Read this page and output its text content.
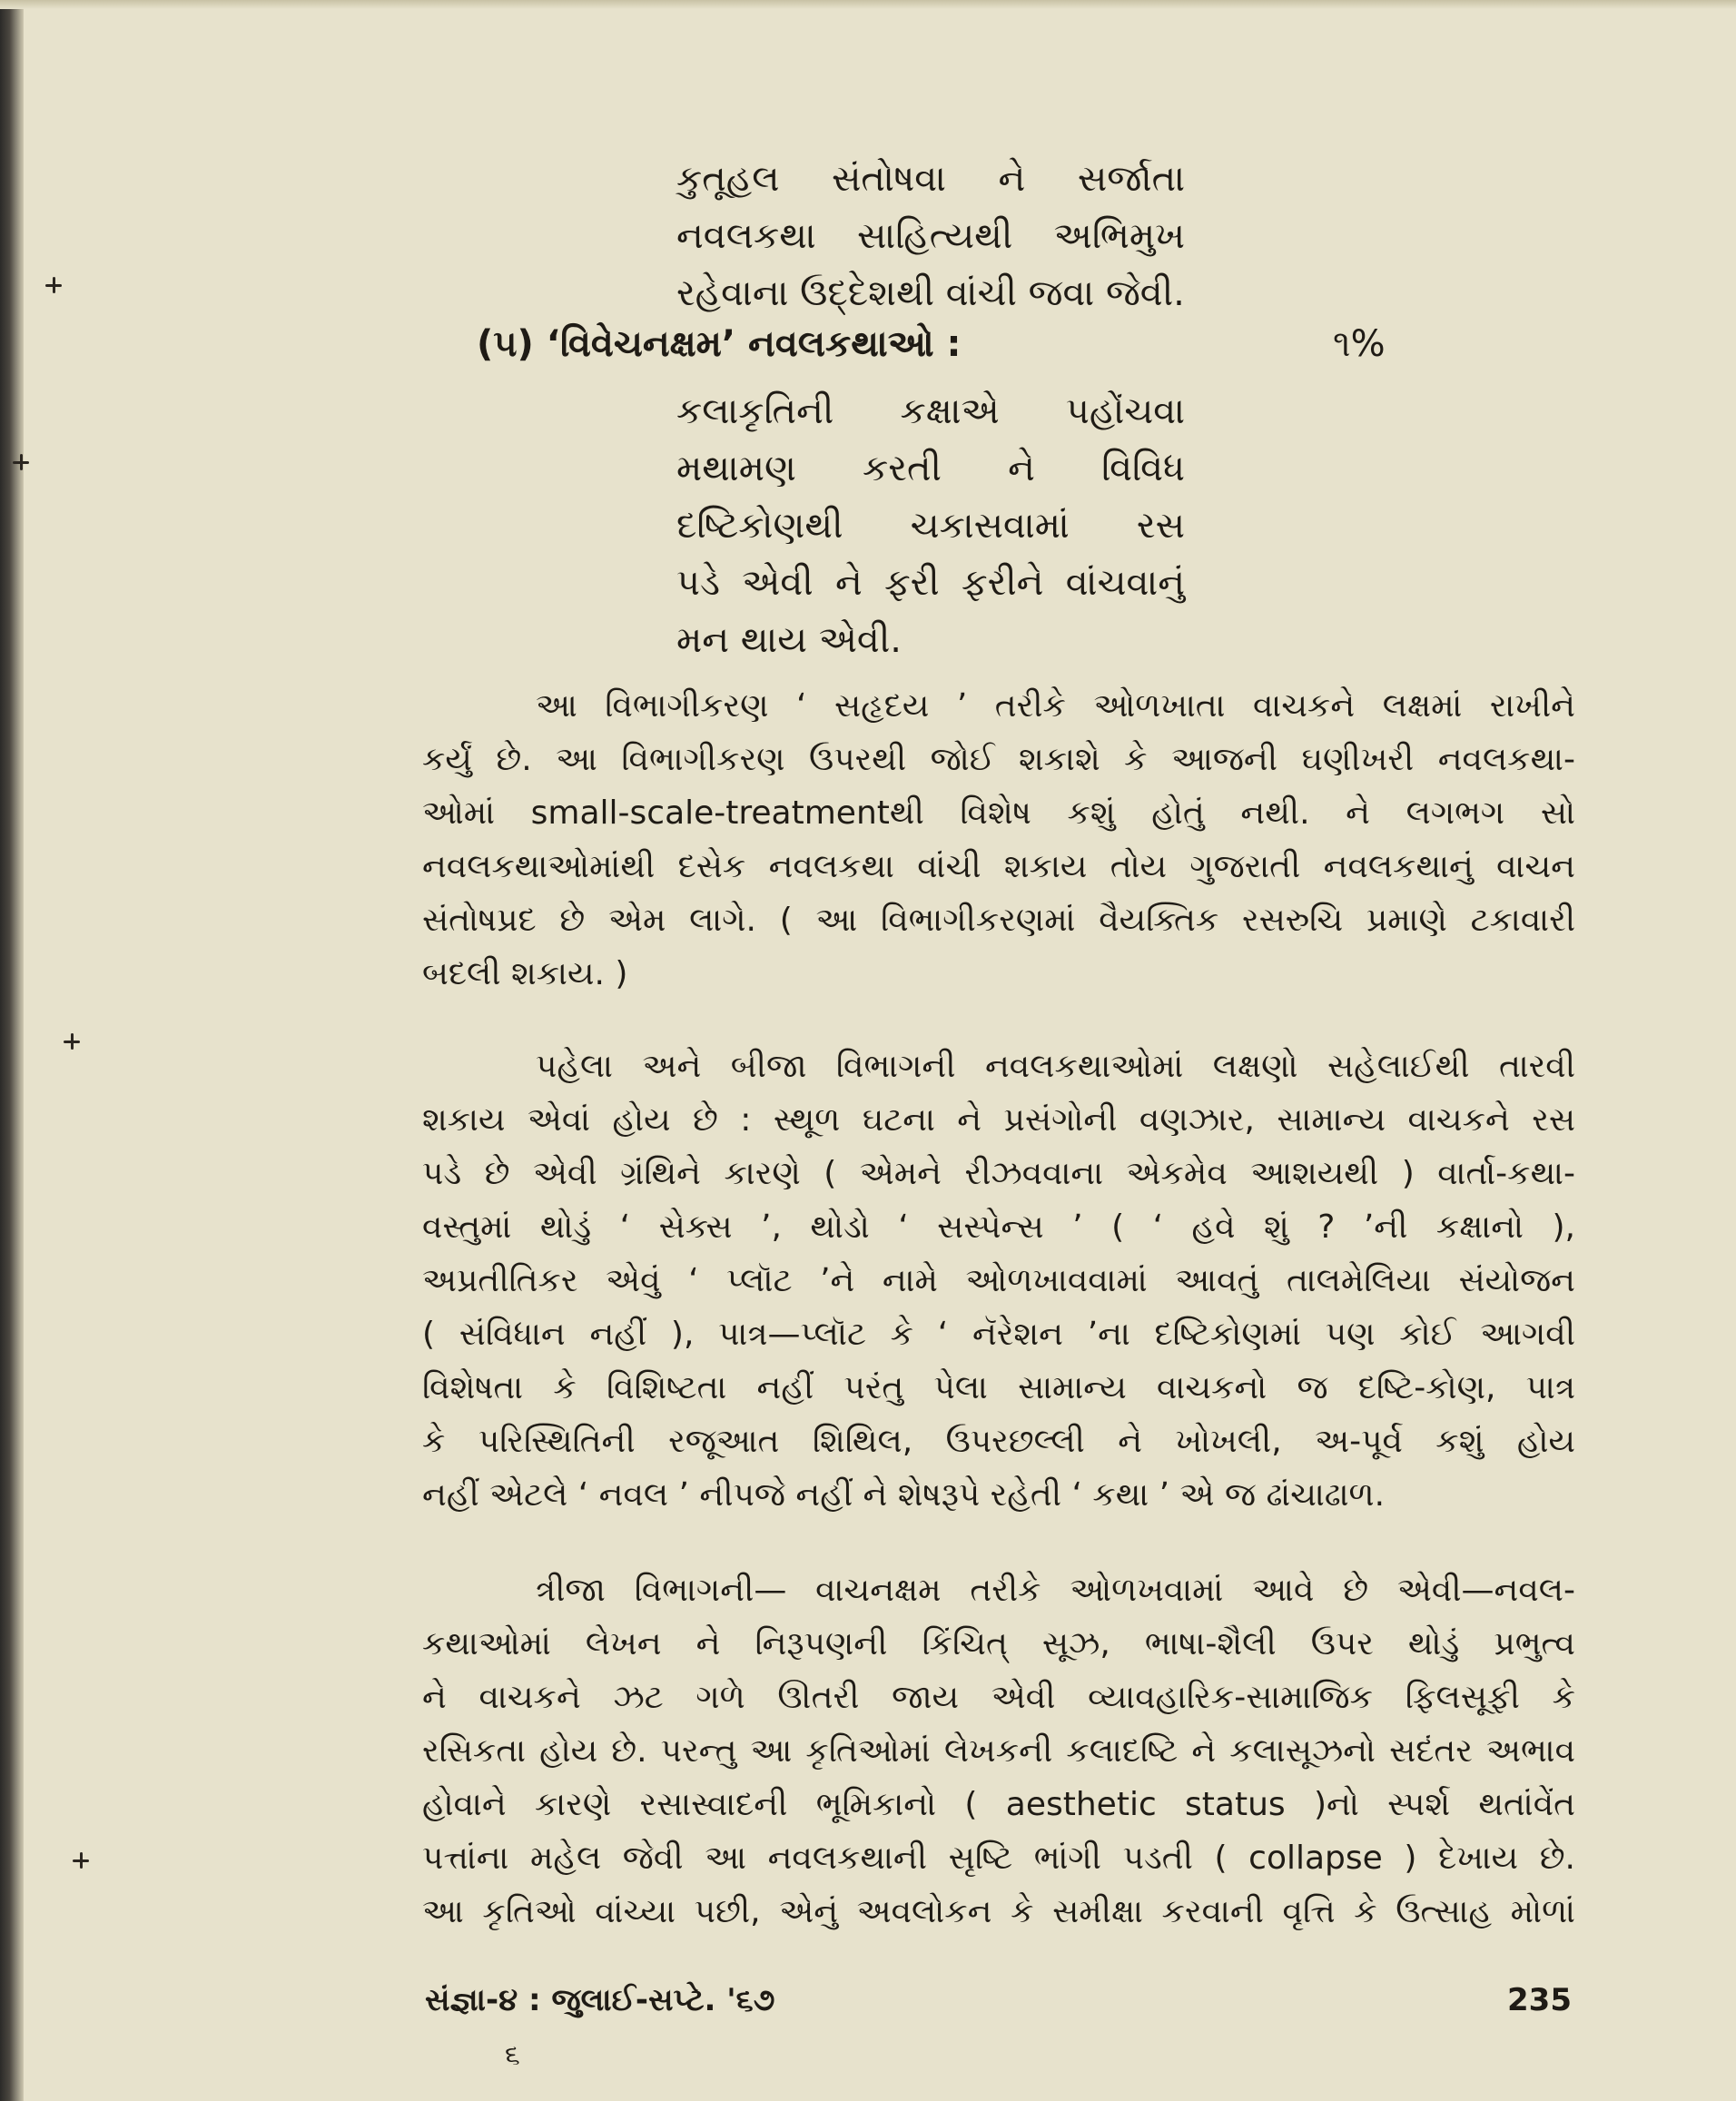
કુતૂહલ સંતોષવા ને સર્જાતા
નવલકથા સાહિત્યથી અભિમુખ
રહેવાના ઉદ્દેશથી વાંચી જવા જેવી.
(૫) ‘વિવેચનક્ષમ’ નવલકથાઓ :	૧%
કલાકૃતિની કક્ષાએ પહોંચવા
મથામણ કરતી ને વિવિધ
દષ્ટિકોણથી ચકાસવામાં રસ
પડે એવી ને ફરી ફરીને વાંચવાનું
મન થાય એવી.
આ વિભાગીકરણ ‘ સહૃદય ’ તરીકે ઓળખાતા વાચકને લક્ષમાં રાખીને
કર્યું છે. આ વિભાગીકરણ ઉપરથી જોઈ શકાશે કે આજની ઘણીખરી નવલકથા-
ઓમાં small-scale-treatmentથી વિશેષ કશું હોતું નથી. ને લગભગ સો
નવલકથાઓમાંથી દસેક નવલકથા વાંચી શકાય તોય ગુજરાતી નવલકથાનું વાચન
સંતોષપ્રદ છે એમ લાગે. ( આ વિભાગીકરણમાં વૈયક્તિક રસરુચિ પ્રમાણે ટકાવારી
બદલી શકાય. )
પહેલા અને બીજા વિભાગની નવલકથાઓમાં લક્ષણો સહેલાઈથી તારવી
શકાય એવાં હોય છે : સ્થૂળ ઘટના ને પ્રસંગોની વણઝાર, સામાન્ય વાચકને રસ
પડે છે એવી ગ્રંથિને કારણે ( એમને રીઝવવાના એકમેવ આશયથી ) વાર્તા-કથા-
વસ્તુમાં થોડું ‘ સેક્સ ’, થોડો ‘ સસ્પેન્સ ’ ( ‘ હવે શું ? ’ની કક્ષાનો ),
અપ્રતીતિકર એવું ‘ પ્લૉટ ’ને નામે ઓળખાવવામાં આવતું તાલમેલિયા સંયોજન
( સંવિધાન નહીં ), પાત્ર—પ્લૉટ કે ‘ નૅરેશન ’ના દષ્ટિકોણમાં પણ કોઈ આગવી
વિશેષતા કે વિશિષ્ટતા નહીં પરંતુ પેલા સામાન્ય વાચકનો જ દષ્ટિ-કોણ, પાત્ર
કે પરિસ્થિતિની રજૂઆત શિથિલ, ઉપરછલ્લી ને ખોખલી, અ-પૂર્વ કશું હોય
નહીં એટલે ‘ નવલ ’ નીપજે નહીં ને શેષરૂપે રહેતી ‘ કથા ’ એ જ ઢાંચાઢાળ.
ત્રીજા વિભાગની— વાચનક્ષમ તરીકે ઓળખવામાં આવે છે એવી—નવલ-
કથાઓમાં લેખન ને નિરૂપણની કિંચિત્ સૂઝ, ભાષા-શૈલી ઉપર થોડું પ્રભુત્વ
ને વાચકને ઝટ ગળે ઊતરી જાય એવી વ્યાવહારિક-સામાજિક ફિલસૂફી કે
રસિકતા હોય છે. પરન્તુ આ કૃતિઓમાં લેખકની કલાદષ્ટિ ને કલાસૂઝનો સદંતર અભાવ
હોવાને કારણે રસાસ્વાદની ભૂમિકાનો ( aesthetic status )નો સ્પર્શ થતાંવેંત
પત્તાંના મહેલ જેવી આ નવલકથાની સૃષ્ટિ ભાંગી પડતી ( collapse ) દેખાય છે.
આ કૃતિઓ વાંચ્યા પછી, એનું અવલોકન કે સમીક્ષા કરવાની વૃત્તિ કે ઉત્સાહ મોળાં
સંજ્ઞા-૪ : જુલાઈ-સપ્ટે. '૬૭	235
૬
